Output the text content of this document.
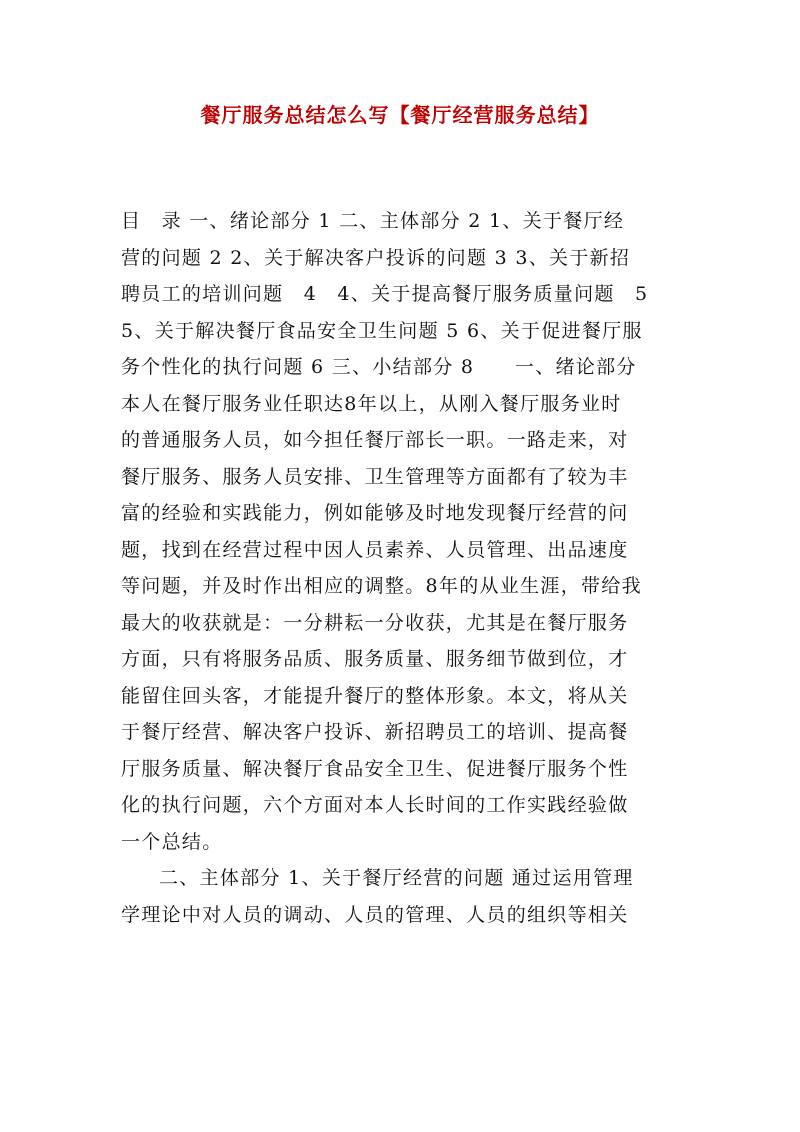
餐厅服务总结怎么写【餐厅经营服务总结】
目　录 一、绪论部分 1 二、主体部分 2 1、关于餐厅经
营的问题 2 2、关于解决客户投诉的问题 3 3、关于新招
聘员工的培训问题　4　4、关于提高餐厅服务质量问题　5
5、关于解决餐厅食品安全卫生问题 5 6、关于促进餐厅服
务个性化的执行问题 6 三、小结部分 8　　一、绪论部分
本人在餐厅服务业任职达8年以上，从刚入餐厅服务业时
的普通服务人员，如今担任餐厅部长一职。一路走来，对
餐厅服务、服务人员安排、卫生管理等方面都有了较为丰
富的经验和实践能力，例如能够及时地发现餐厅经营的问
题，找到在经营过程中因人员素养、人员管理、出品速度
等问题，并及时作出相应的调整。8年的从业生涯，带给我
最大的收获就是：一分耕耘一分收获，尤其是在餐厅服务
方面，只有将服务品质、服务质量、服务细节做到位，才
能留住回头客，才能提升餐厅的整体形象。本文，将从关
于餐厅经营、解决客户投诉、新招聘员工的培训、提高餐
厅服务质量、解决餐厅食品安全卫生、促进餐厅服务个性
化的执行问题，六个方面对本人长时间的工作实践经验做
一个总结。
二、主体部分 1、关于餐厅经营的问题 通过运用管理
学理论中对人员的调动、人员的管理、人员的组织等相关
